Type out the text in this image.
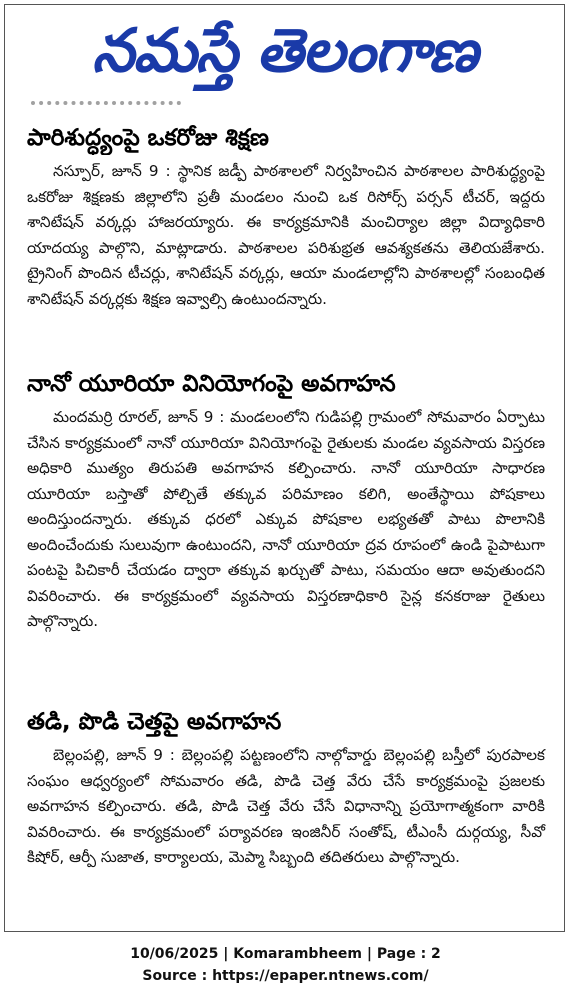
నమస్తే తెలంగాణ
పారిశుద్ధ్యంపై ఒకరోజు శిక్షణ

నస్పూర్, జూన్ 9 : స్థానిక జడ్పీ పాఠశాలలో నిర్వహించిన పాఠశాలల పారిశుద్ధ్యంపై ఒకరోజు శిక్షణకు జిల్లాలోని ప్రతీ మండలం నుంచి ఒక రిసోర్స్ పర్సన్ టీచర్, ఇద్దరు శానిటేషన్ వర్కర్లు హాజరయ్యారు. ఈ కార్యక్రమానికి మంచిర్యాల జిల్లా విద్యాధికారి యాదయ్య పాల్గొని, మాట్లాడారు. పాఠశాలల పరిశుభ్రత ఆవశ్యకతను తెలియజేశారు. ట్రైనింగ్ పొందిన టీచర్లు, శానిటేషన్ వర్కర్లు, ఆయా మండలాల్లోని పాఠశాలల్లో సంబంధిత శానిటేషన్ వర్కర్లకు శిక్షణ ఇవ్వాల్సి ఉంటుందన్నారు.

నానో యూరియా వినియోగంపై అవగాహన

మందమర్రి రూరల్, జూన్ 9 : మండలంలోని గుడిపల్లి గ్రామంలో సోమవారం ఏర్పాటు చేసిన కార్యక్రమంలో నానో యూరియా వినియోగంపై రైతులకు మండల వ్యవసాయ విస్తరణ అధికారి ముత్యం తిరుపతి అవగాహన కల్పించారు. నానో యూరియా సాధారణ యూరియా బస్తాతో పోల్చితే తక్కువ పరిమాణం కలిగి, అంతేస్థాయి పోషకాలు అందిస్తుందన్నారు. తక్కువ ధరలో ఎక్కువ పోషకాల లభ్యతతో పాటు పొలానికి అందించేందుకు సులువుగా ఉంటుందని, నానో యూరియా ద్రవ రూపంలో ఉండి పైపాటుగా పంటపై పిచికారీ చేయడం ద్వారా తక్కువ ఖర్చుతో పాటు, సమయం ఆదా అవుతుందని వివరించారు. ఈ కార్యక్రమంలో వ్యవసాయ విస్తరణాధికారి సైన్ల కనకరాజు రైతులు పాల్గొన్నారు.

తడి, పొడి చెత్తపై అవగాహన

బెల్లంపల్లి, జూన్ 9 : బెల్లంపల్లి పట్టణంలోని నాల్గోవార్డు బెల్లంపల్లి బస్తీలో పురపాలక సంఘం ఆధ్వర్యంలో సోమవారం తడి, పొడి చెత్త వేరు చేసే కార్యక్రమంపై ప్రజలకు అవగాహన కల్పించారు. తడి, పొడి చెత్త వేరు చేసే విధానాన్ని ప్రయోగాత్మకంగా వారికి వివరించారు. ఈ కార్యక్రమంలో పర్యావరణ ఇంజినీర్ సంతోష్, టీఎంసీ దుర్గయ్య, సీవో కిషోర్, ఆర్పీ సుజాత, కార్యాలయ, మెప్మా సిబ్బంది తదితరులు పాల్గొన్నారు.

10/06/2025 | Komarambheem | Page : 2
Source : https://epaper.ntnews.com/
